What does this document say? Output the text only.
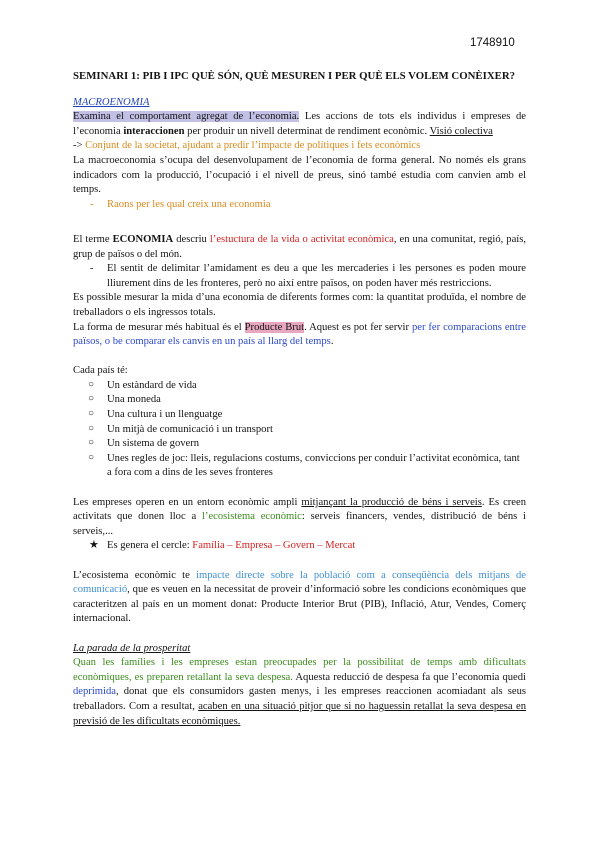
1748910

SEMINARI 1: PIB I IPC QUÈ SÓN, QUÈ MESUREN I PER QUÈ ELS VOLEM CONÈIXER?

MACROENOMIA

Examina el comportament agregat de l’economia. Les accions de tots els individus i empreses de l’economia interaccionen per produir un nivell determinat de rendiment econòmic. Visió colectiva

-> Conjunt de la societat, ajudant a predir l’impacte de polítiques i fets econòmics

La macroeconomia s’ocupa del desenvolupament de l’economia de forma general. No només els grans indicadors com la producció, l’ocupació i el nivell de preus, sinó també estudia com canvien amb el temps.

- Raons per les qual creix una economia

El terme ECONOMIA descriu l’estuctura de la vida o activitat econòmica, en una comunitat, regió, país, grup de països o del món.

- El sentit de delimitar l’amidament es deu a que les mercaderies i les persones es poden moure lliurement dins de les fronteres, però no així entre països, on poden haver més restriccions.

Es possible mesurar la mida d’una economia de diferents formes com: la quantitat produïda, el nombre de treballadors o els ingressos totals.

La forma de mesurar més habitual és el Producte Brut. Aquest es pot fer servir per fer comparacions entre països, o be comparar els canvis en un país al llarg del temps.

Cada país té:

○ Un estàndard de vida

○ Una moneda

○ Una cultura i un llenguatge

○ Un mitjà de comunicació i un transport

○ Un sistema de govern

○ Unes regles de joc: lleis, regulacions costums, conviccions per conduir l’activitat econòmica, tant a fora com a dins de les seves fronteres

Les empreses operen en un entorn econòmic ampli mitjançant la producció de béns i serveis. Es creen activitats que donen lloc a l’ecosistema econòmic: serveis financers, vendes, distribució de béns i serveis,...

★ Es genera el cercle: Família – Empresa – Govern – Mercat

L’ecosistema econòmic te impacte directe sobre la població com a conseqüència dels mitjans de comunicació, que es veuen en la necessitat de proveir d’informació sobre les condicions econòmiques que caracteritzen al país en un moment donat: Producte Interior Brut (PIB), Inflació, Atur, Vendes, Comerç internacional.

La parada de la prosperitat

Quan les famílies i les empreses estan preocupades per la possibilitat de temps amb dificultats econòmiques, es preparen retallant la seva despesa. Aquesta reducció de despesa fa que l’economia quedi deprimida, donat que els consumidors gasten menys, i les empreses reaccionen acomiadant als seus treballadors. Com a resultat, acaben en una situació pitjor que si no haguessin retallat la seva despesa en previsió de les dificultats econòmiques.
